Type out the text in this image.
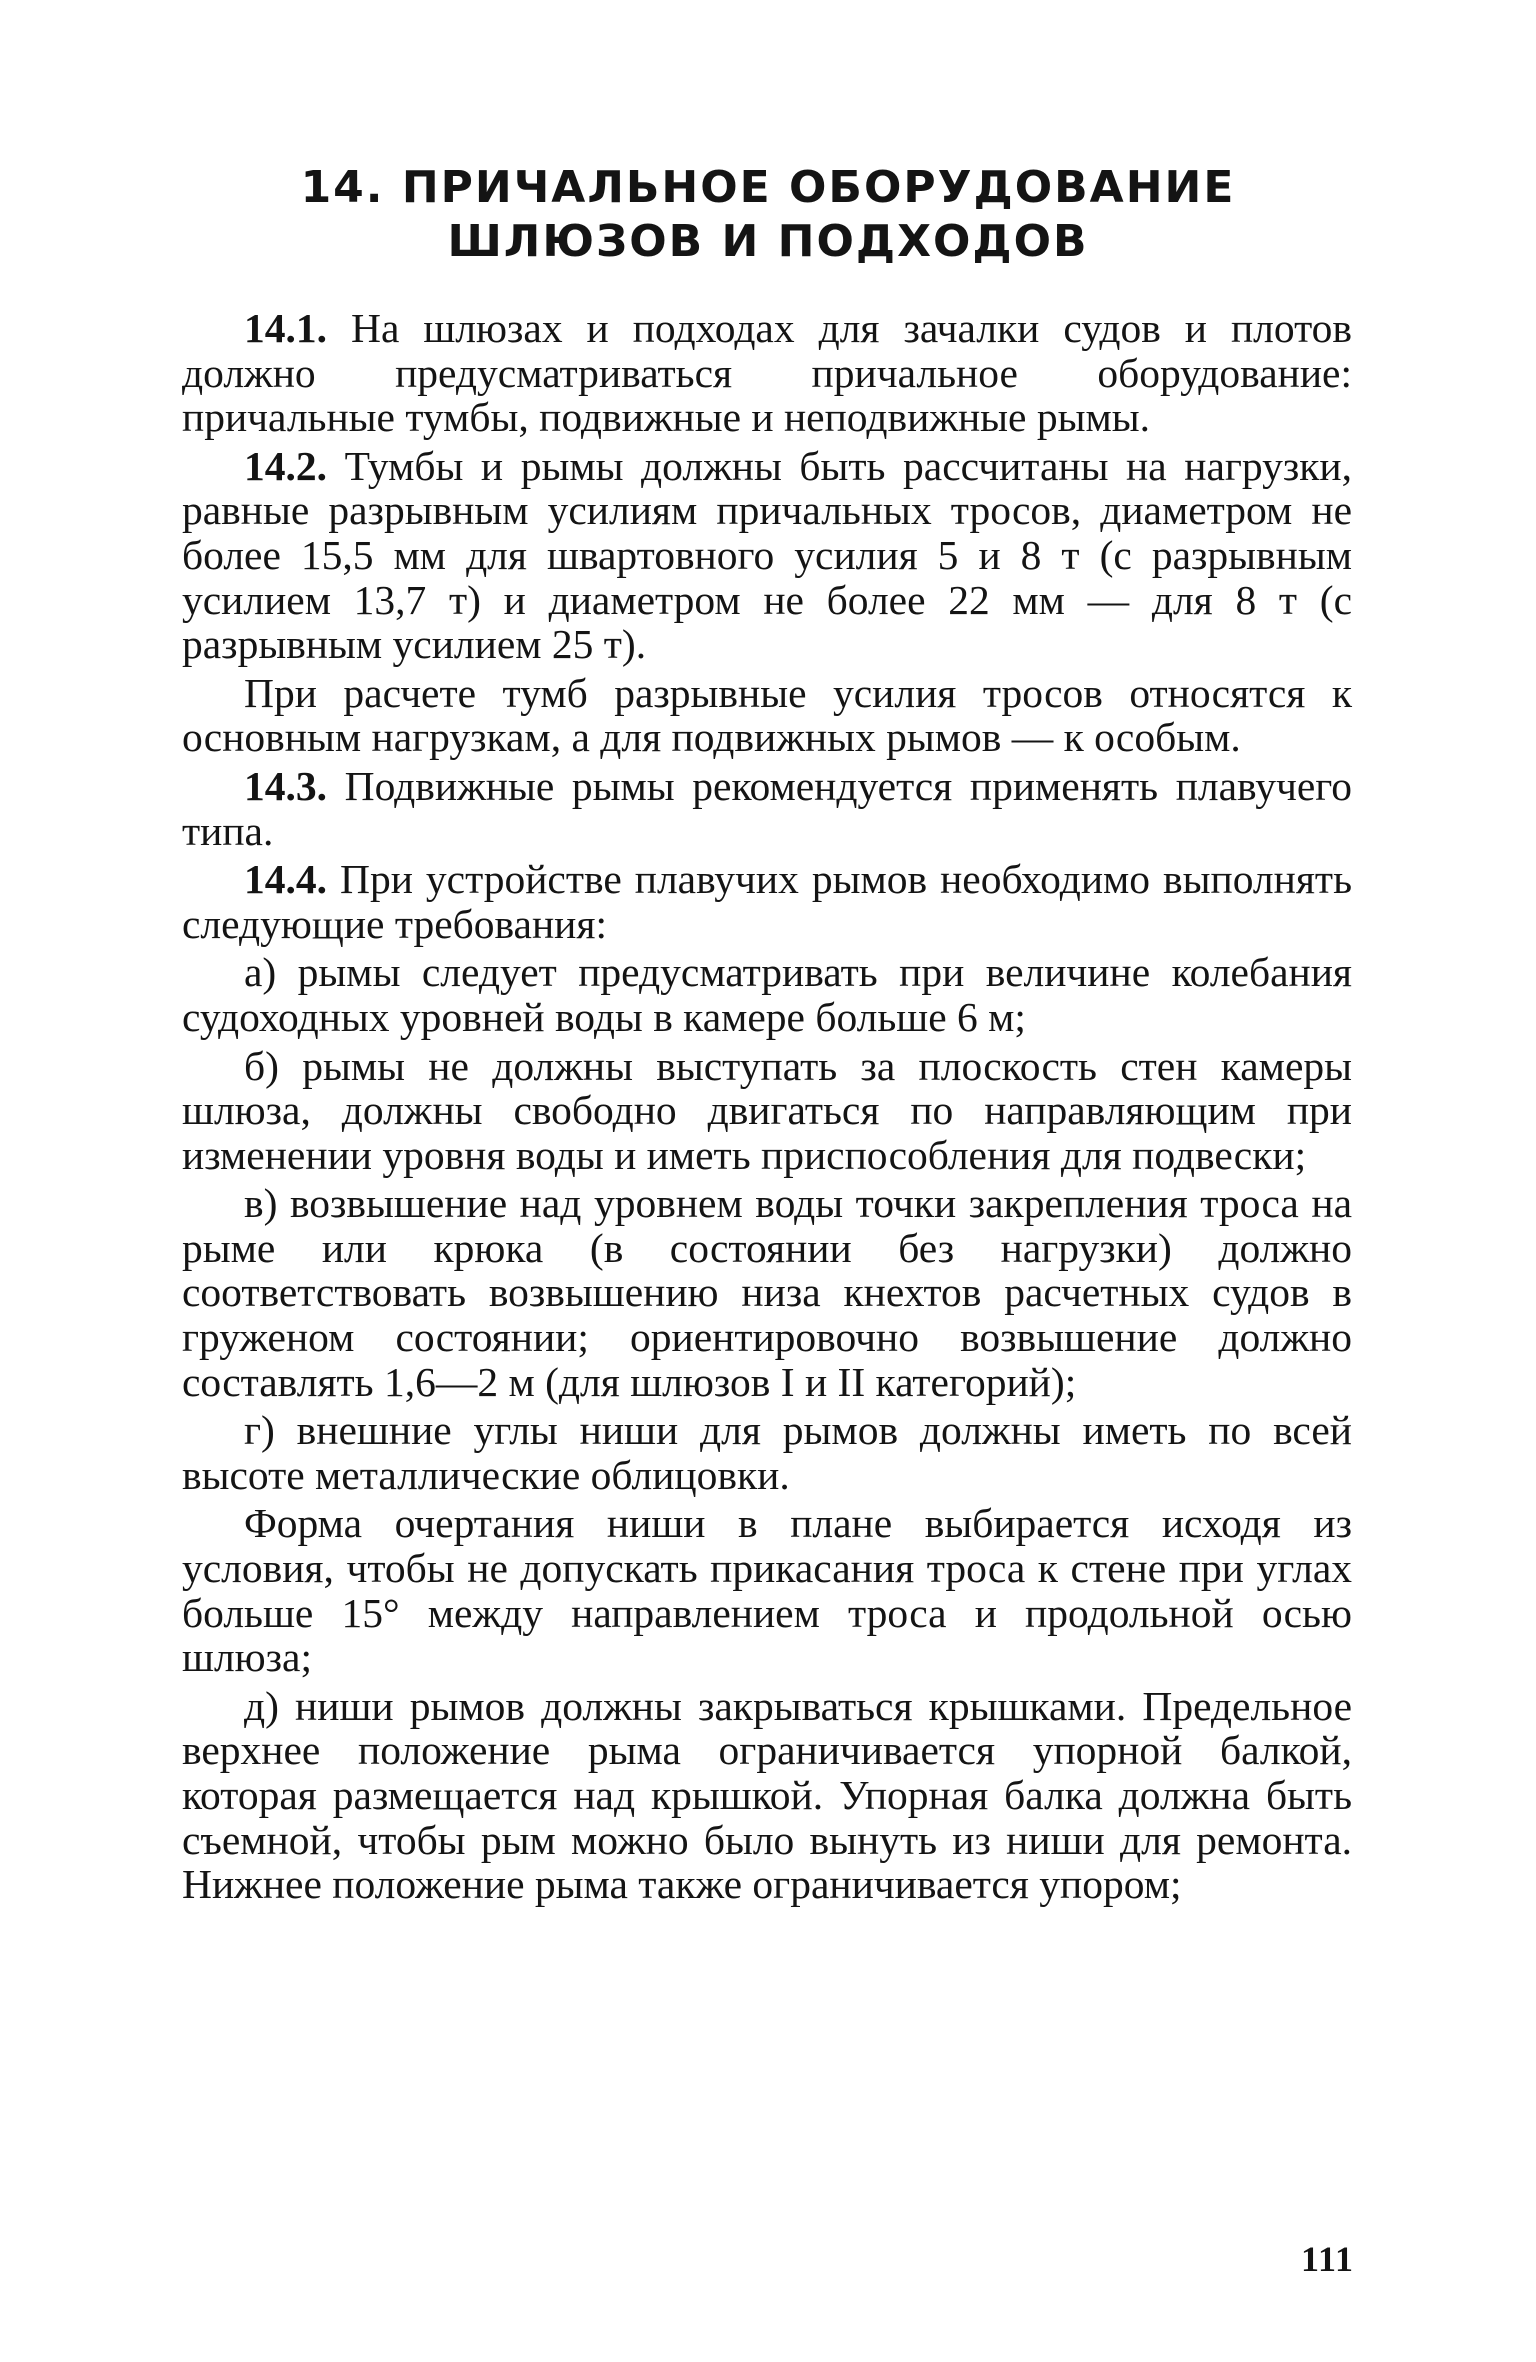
14. ПРИЧАЛЬНОЕ ОБОРУДОВАНИЕ
ШЛЮЗОВ И ПОДХОДОВ

14.1. На шлюзах и подходах для зачалки судов и плотов должно предусматриваться причальное оборудование: причальные тумбы, подвижные и неподвижные рымы.

14.2. Тумбы и рымы должны быть рассчитаны на нагрузки, равные разрывным усилиям причальных тросов, диаметром не более 15,5 мм для швартовного усилия 5 и 8 т (с разрывным усилием 13,7 т) и диаметром не более 22 мм — для 8 т (с разрывным усилием 25 т).

При расчете тумб разрывные усилия тросов относятся к основным нагрузкам, а для подвижных рымов — к особым.

14.3. Подвижные рымы рекомендуется применять плавучего типа.

14.4. При устройстве плавучих рымов необходимо выполнять следующие требования:

а) рымы следует предусматривать при величине колебания судоходных уровней воды в камере больше 6 м;

б) рымы не должны выступать за плоскость стен камеры шлюза, должны свободно двигаться по направляющим при изменении уровня воды и иметь приспособления для подвески;

в) возвышение над уровнем воды точки закрепления троса на рыме или крюка (в состоянии без нагрузки) должно соответствовать возвышению низа кнехтов расчетных судов в груженом состоянии; ориентировочно возвышение должно составлять 1,6—2 м (для шлюзов I и II категорий);

г) внешние углы ниши для рымов должны иметь по всей высоте металлические облицовки.

Форма очертания ниши в плане выбирается исходя из условия, чтобы не допускать прикасания троса к стене при углах больше 15° между направлением троса и продольной осью шлюза;

д) ниши рымов должны закрываться крышками. Предельное верхнее положение рыма ограничивается упорной балкой, которая размещается над крышкой. Упорная балка должна быть съемной, чтобы рым можно было вынуть из ниши для ремонта. Нижнее положение рыма также ограничивается упором;

111
